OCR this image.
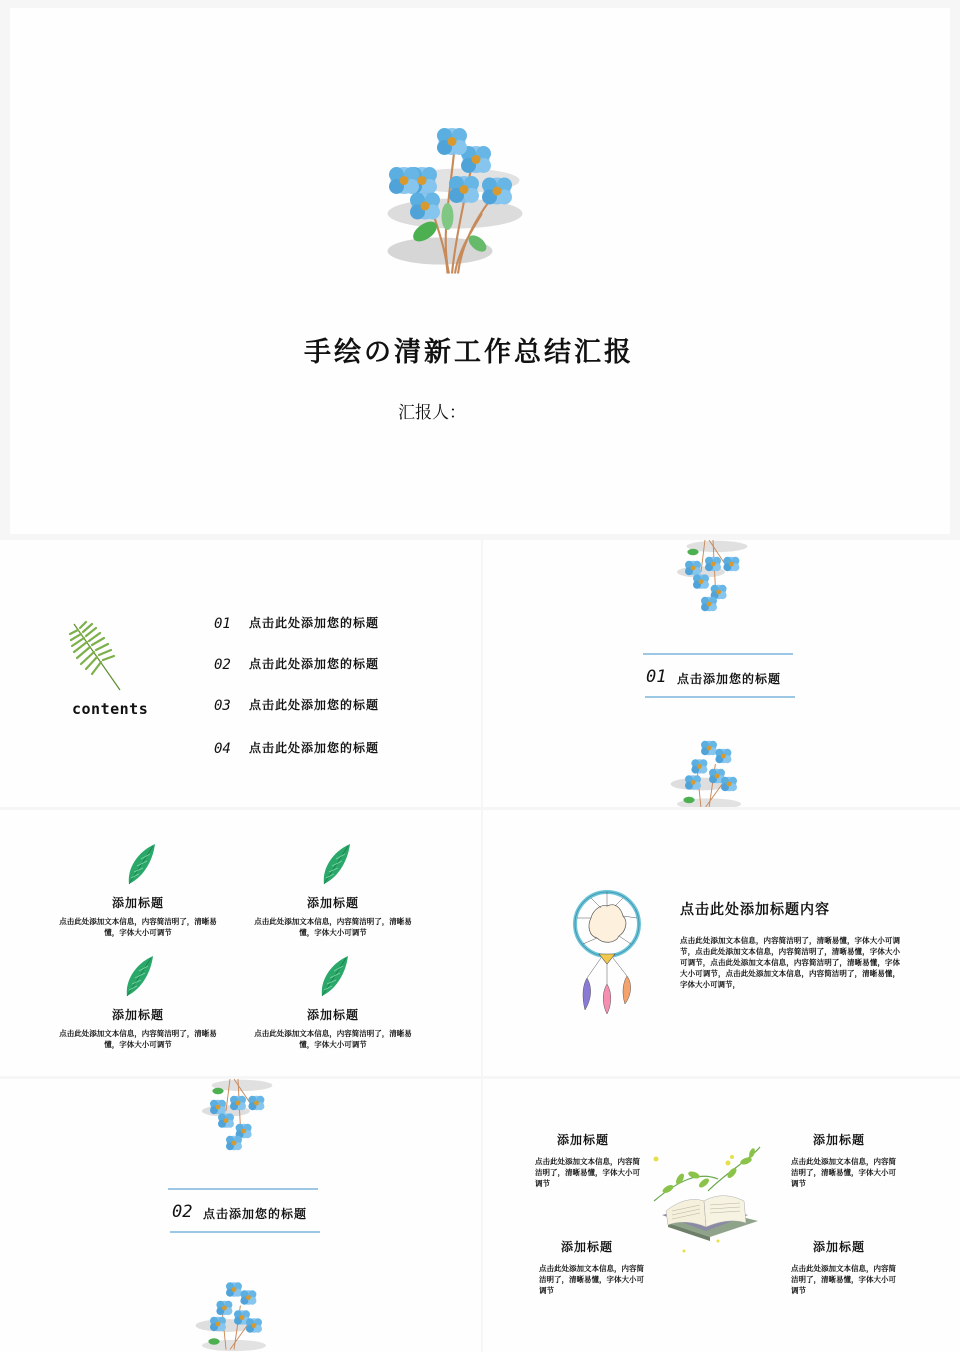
手绘の清新工作总结汇报
汇报人：
contents
01 点击此处添加您的标题
02 点击此处添加您的标题
03 点击此处添加您的标题
04 点击此处添加您的标题
01 点击添加您的标题
添加标题
点击此处添加文本信息，内容简洁明了，清晰易懂，字体大小可调节
添加标题
点击此处添加文本信息，内容简洁明了，清晰易懂，字体大小可调节
添加标题
点击此处添加文本信息，内容简洁明了，清晰易懂，字体大小可调节
添加标题
点击此处添加文本信息，内容简洁明了，清晰易懂，字体大小可调节
点击此处添加标题内容
点击此处添加文本信息，内容简洁明了，清晰易懂，字体大小可调节，点击此处添加文本信息，内容简洁明了，清晰易懂，字体大小可调节，点击此处添加文本信息，内容简洁明了，清晰易懂，字体大小可调节，点击此处添加文本信息，内容简洁明了，清晰易懂，字体大小可调节，
02 点击添加您的标题
添加标题
点击此处添加文本信息，内容简洁明了，清晰易懂，字体大小可调节
添加标题
点击此处添加文本信息，内容简洁明了，清晰易懂，字体大小可调节
添加标题
点击此处添加文本信息，内容简洁明了，清晰易懂，字体大小可调节
添加标题
点击此处添加文本信息，内容简洁明了，清晰易懂，字体大小可调节
